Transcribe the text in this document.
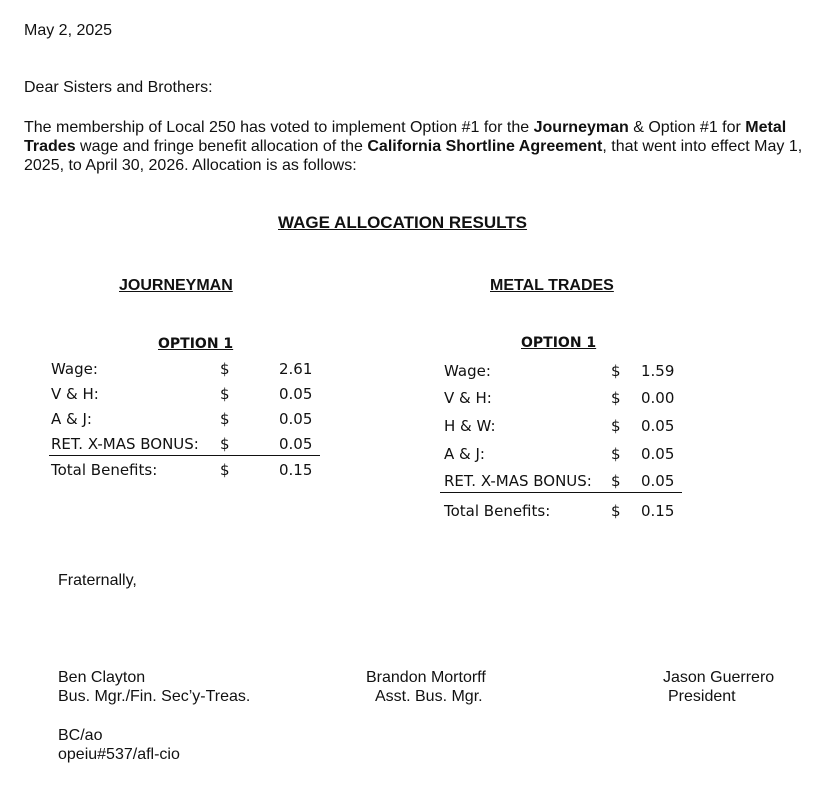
May 2, 2025
Dear Sisters and Brothers:
The membership of Local 250 has voted to implement Option #1 for the Journeyman & Option #1 for Metal Trades wage and fringe benefit allocation of the California Shortline Agreement, that went into effect May 1, 2025, to April 30, 2026. Allocation is as follows:
WAGE ALLOCATION RESULTS
JOURNEYMAN	METAL TRADES
OPTION 1	OPTION 1
Wage:	$	2.61
V & H:	$	0.05
A & J:	$	0.05
RET. X-MAS BONUS: $	0.05
Total Benefits:	$	0.15
Wage:	$ 1.59
V & H:	$ 0.00
H & W:	$ 0.05
A & J:	$ 0.05
RET. X-MAS BONUS: $ 0.05
Total Benefits:	$ 0.15
Fraternally,
Ben Clayton
Bus. Mgr./Fin. Sec’y-Treas.
Brandon Mortorff
Asst. Bus. Mgr.
Jason Guerrero
President
BC/ao
opeiu#537/afl-cio
